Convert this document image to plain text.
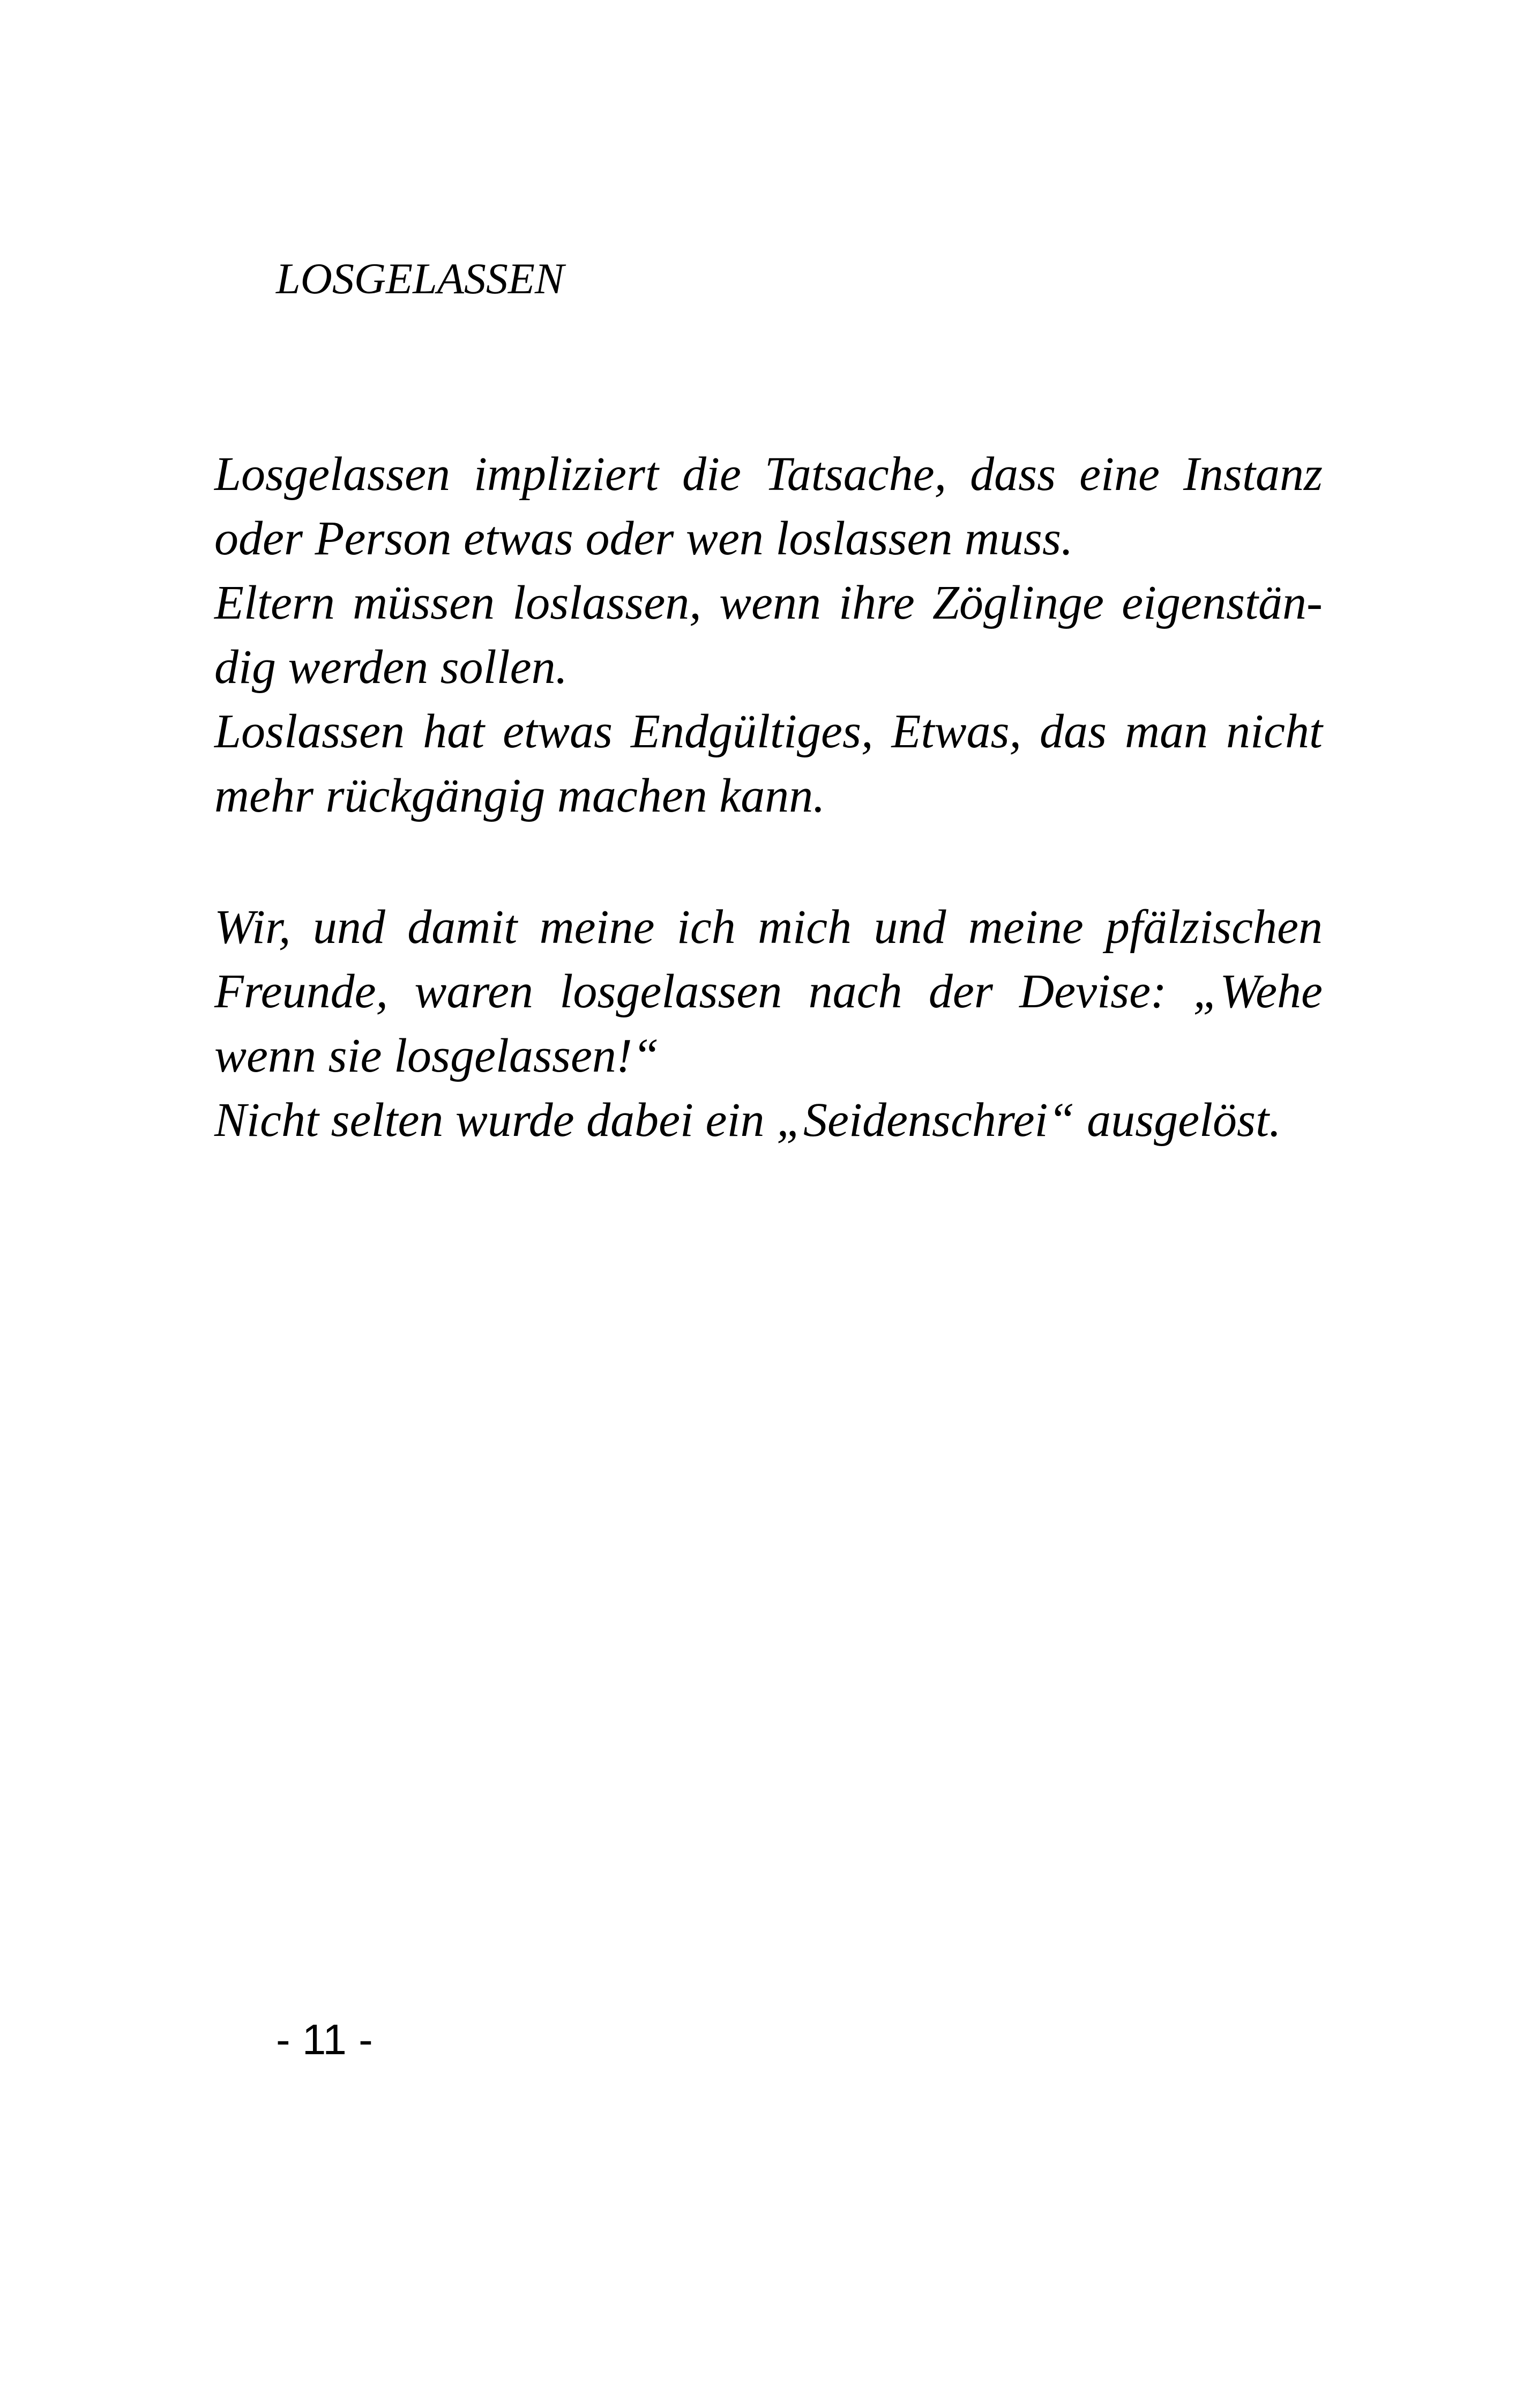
LOSGELASSEN
Losgelassen impliziert die Tatsache, dass eine Instanz
oder Person etwas oder wen loslassen muss.
Eltern müssen loslassen, wenn ihre Zöglinge eigenstän-
dig werden sollen.
Loslassen hat etwas Endgültiges, Etwas, das man nicht
mehr rückgängig machen kann.
Wir, und damit meine ich mich und meine pfälzischen
Freunde, waren losgelassen nach der Devise: „Wehe
wenn sie losgelassen!“
Nicht selten wurde dabei ein „Seidenschrei“ ausgelöst.
- 11 -
